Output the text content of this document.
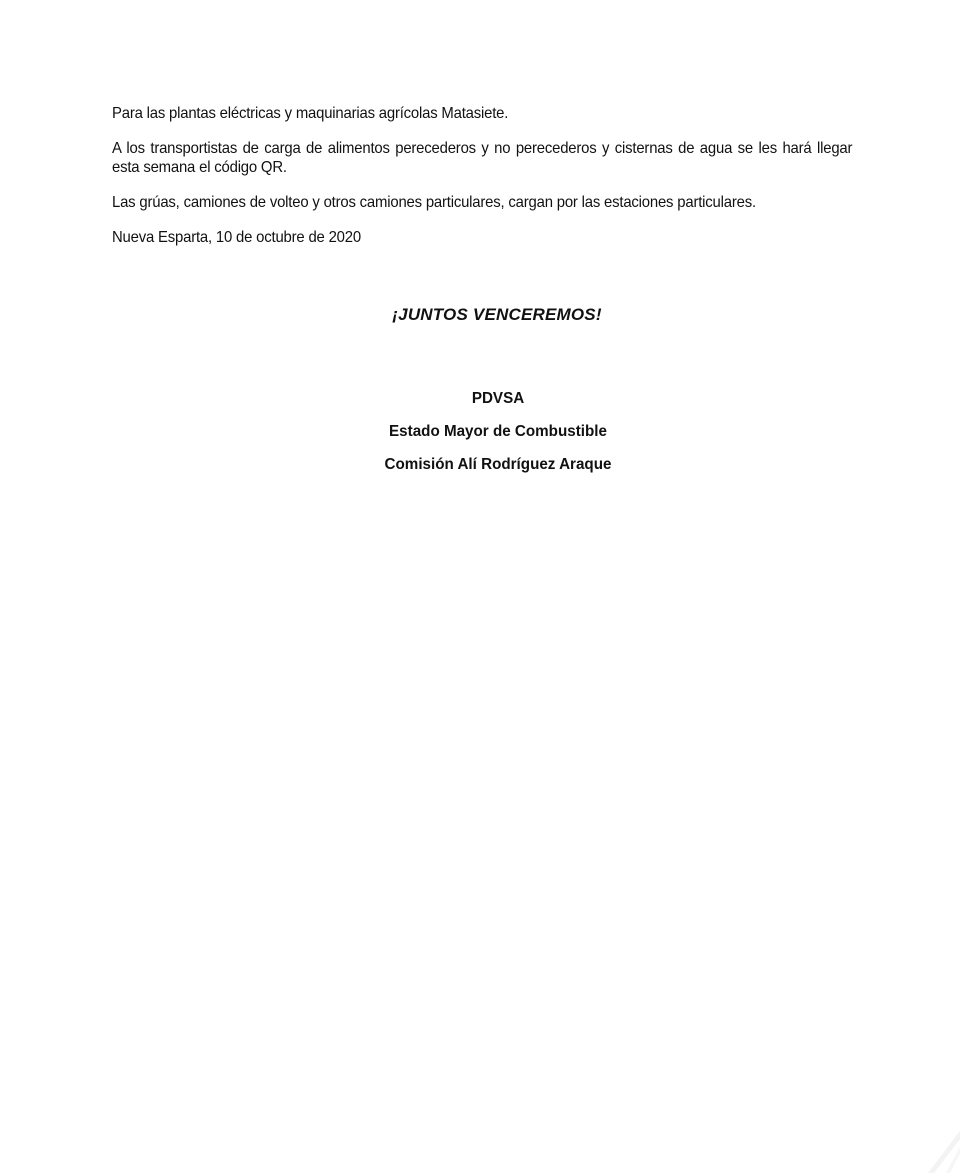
Para las plantas eléctricas y maquinarias agrícolas Matasiete.

A los transportistas de carga de alimentos perecederos y no perecederos y cisternas de agua se les hará llegar esta semana el código QR.

Las grúas, camiones de volteo y otros camiones particulares, cargan por las estaciones particulares.

Nueva Esparta, 10 de octubre de 2020

¡JUNTOS VENCEREMOS!
PDVSA
Estado Mayor de Combustible
Comisión Alí Rodríguez Araque
